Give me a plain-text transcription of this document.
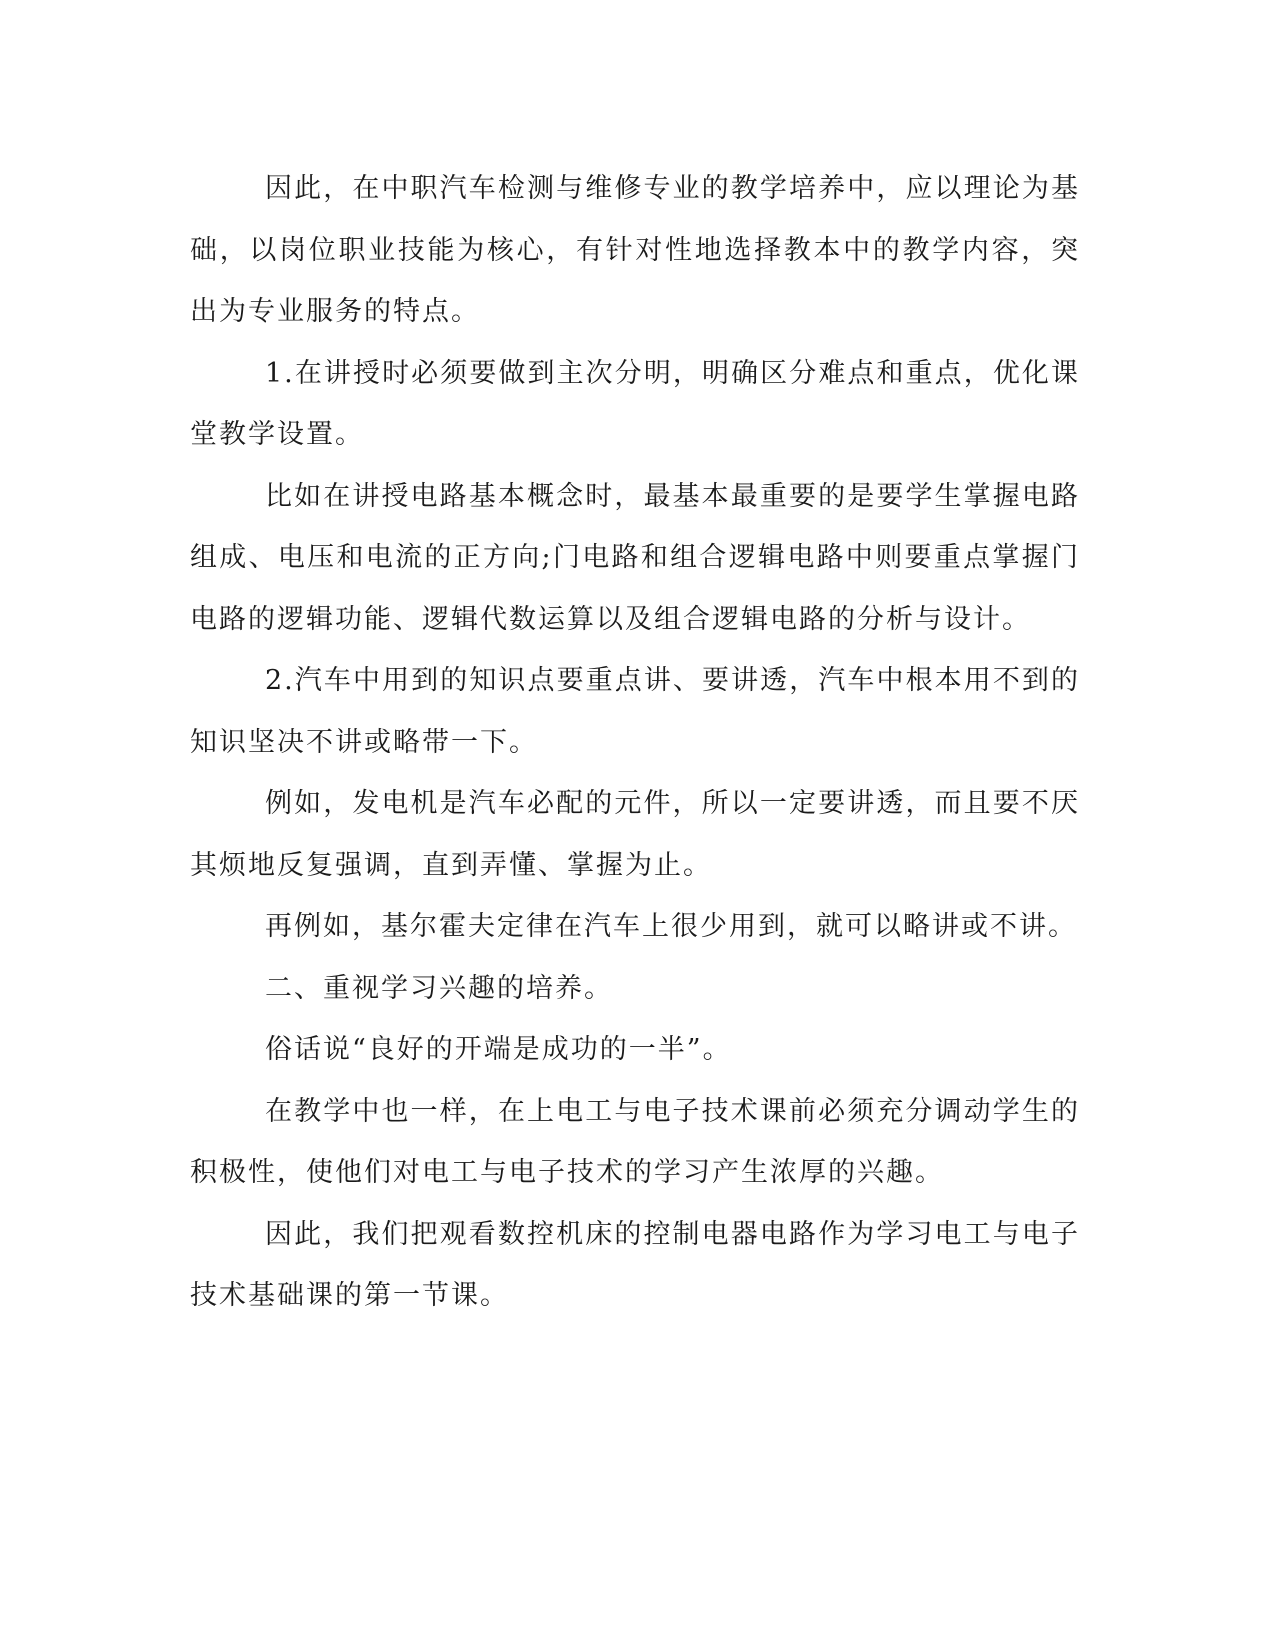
因此，在中职汽车检测与维修专业的教学培养中，应以理论为基础，以岗位职业技能为核心，有针对性地选择教本中的教学内容，突出为专业服务的特点。

1.在讲授时必须要做到主次分明，明确区分难点和重点，优化课堂教学设置。

比如在讲授电路基本概念时，最基本最重要的是要学生掌握电路组成、电压和电流的正方向;门电路和组合逻辑电路中则要重点掌握门电路的逻辑功能、逻辑代数运算以及组合逻辑电路的分析与设计。

2.汽车中用到的知识点要重点讲、要讲透，汽车中根本用不到的知识坚决不讲或略带一下。

例如，发电机是汽车必配的元件，所以一定要讲透，而且要不厌其烦地反复强调，直到弄懂、掌握为止。

再例如，基尔霍夫定律在汽车上很少用到，就可以略讲或不讲。

二、重视学习兴趣的培养。

俗话说“良好的开端是成功的一半”。

在教学中也一样，在上电工与电子技术课前必须充分调动学生的积极性，使他们对电工与电子技术的学习产生浓厚的兴趣。

因此，我们把观看数控机床的控制电器电路作为学习电工与电子技术基础课的第一节课。
